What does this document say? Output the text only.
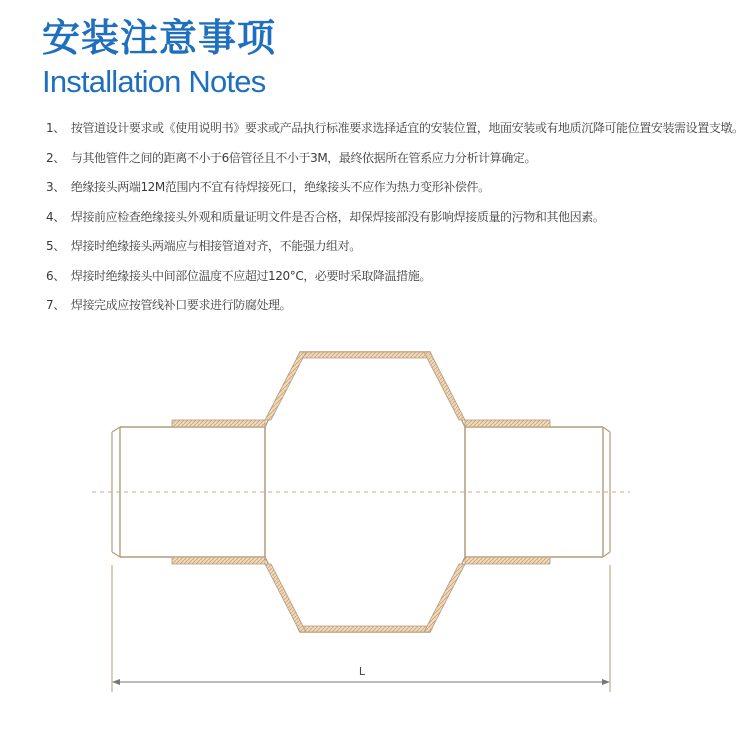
安装注意事项
Installation Notes
1、 按管道设计要求或《使用说明书》要求或产品执行标准要求选择适宜的安装位置，地面安装或有地质沉降可能位置安装需设置支墩。
2、 与其他管件之间的距离不小于6倍管径且不小于3M，最终依据所在管系应力分析计算确定。
3、 绝缘接头两端12M范围内不宜有待焊接死口，绝缘接头不应作为热力变形补偿件。
4、 焊接前应检查绝缘接头外观和质量证明文件是否合格，却保焊接部没有影响焊接质量的污物和其他因素。
5、 焊接时绝缘接头两端应与相接管道对齐，不能强力组对。
6、 焊接时绝缘接头中间部位温度不应超过120°C，必要时采取降温措施。
7、 焊接完成应按管线补口要求进行防腐处理。
L
